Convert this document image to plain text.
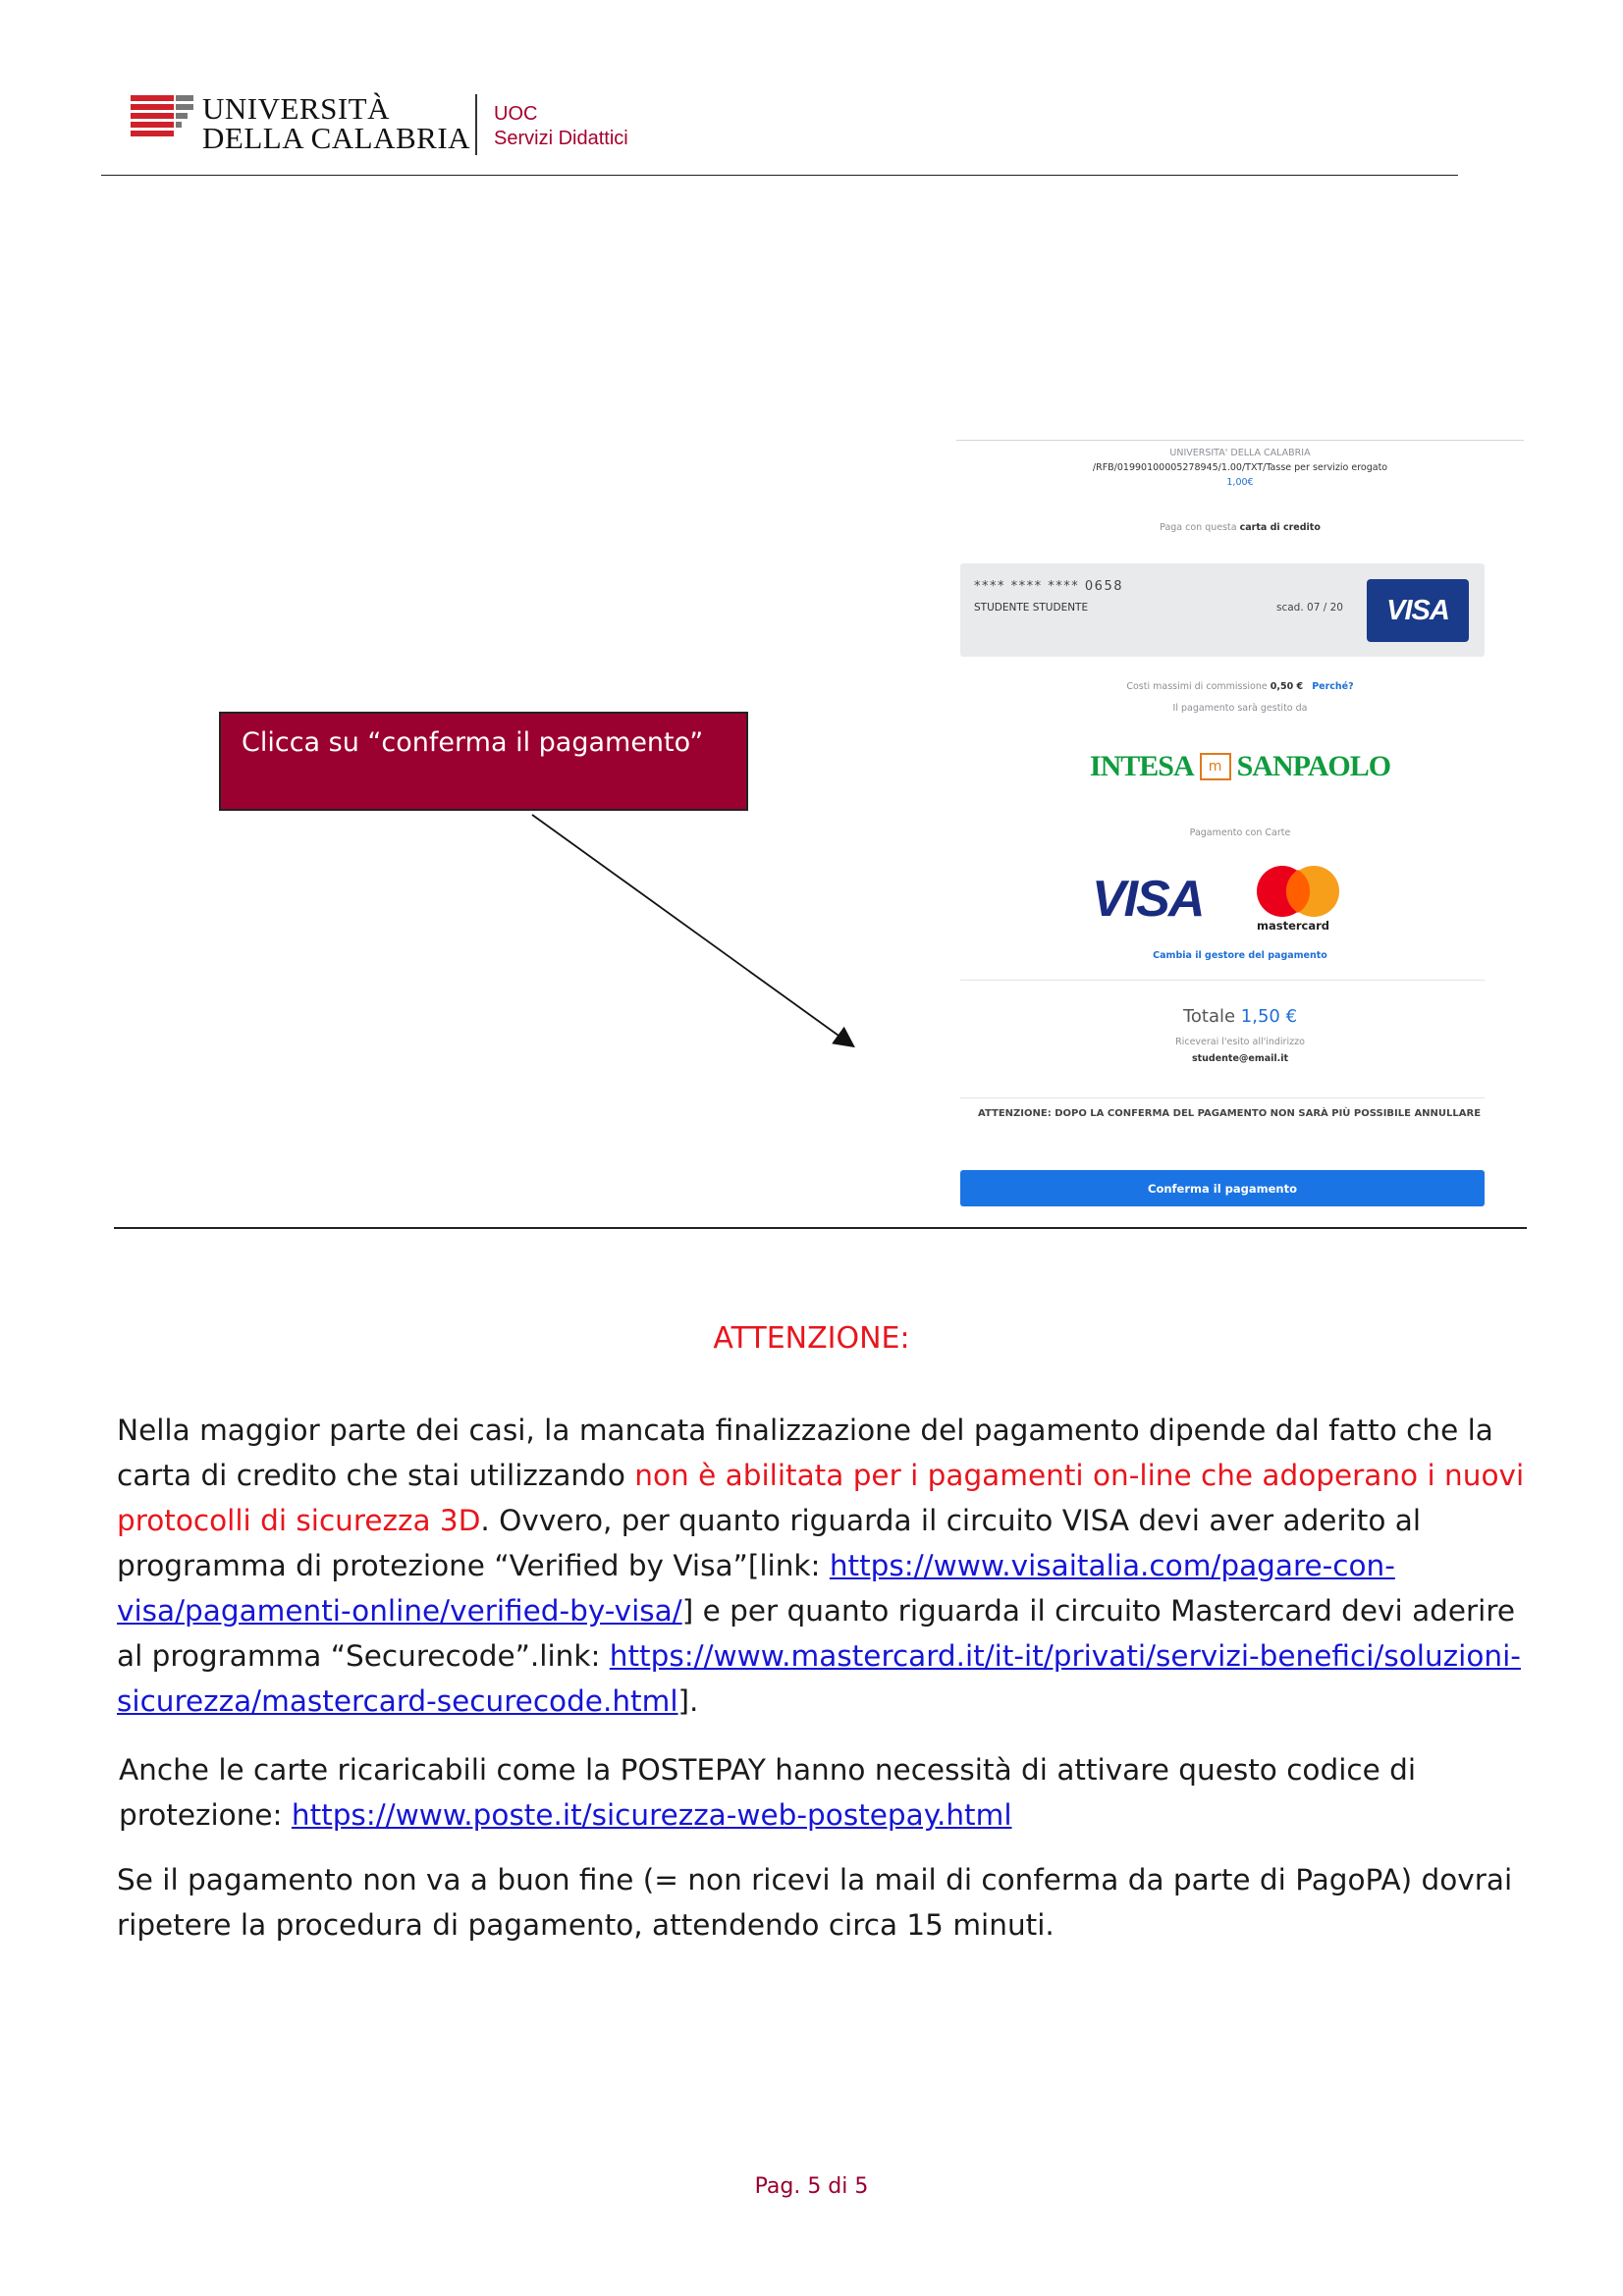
UNIVERSITÀ
DELLA CALABRIA
UOC
Servizi Didattici
UNIVERSITA' DELLA CALABRIA
/RFB/01990100005278945/1.00/TXT/Tasse per servizio erogato
1,00€
Paga con questa carta di credito
**** **** **** 0658
STUDENTE STUDENTE	scad. 07 / 20 VISA
Costi massimi di commissione 0,50 € Perché?
Il pagamento sarà gestito da
INTESA	m SANPAOLO
Pagamento con Carte
VISA	mastercard
Cambia il gestore del pagamento
Totale 1,50 €
Riceverai l'esito all'indirizzo
studente@email.it
ATTENZIONE: DOPO LA CONFERMA DEL PAGAMENTO NON SARÀ PIÙ POSSIBILE ANNULLARE
Conferma il pagamento
Clicca su “conferma il pagamento”
ATTENZIONE:

Nella maggior parte dei casi, la mancata finalizzazione del pagamento dipende dal fatto che la carta di credito che stai utilizzando non è abilitata per i pagamenti on-line che adoperano i nuovi protocolli di sicurezza 3D. Ovvero, per quanto riguarda il circuito VISA devi aver aderito al programma di protezione “Verified by Visa”[link: https://www.visaitalia.com/pagare-con-visa/pagamenti-online/verified-by-visa/] e per quanto riguarda il circuito Mastercard devi aderire al programma “Securecode”.link: https://www.mastercard.it/it-it/privati/servizi-benefici/soluzioni-sicurezza/mastercard-securecode.html].

Anche le carte ricaricabili come la POSTEPAY hanno necessità di attivare questo codice di protezione: https://www.poste.it/sicurezza-web-postepay.html

Se il pagamento non va a buon fine (= non ricevi la mail di conferma da parte di PagoPA) dovrai ripetere la procedura di pagamento, attendendo circa 15 minuti.

Pag. 5 di 5
